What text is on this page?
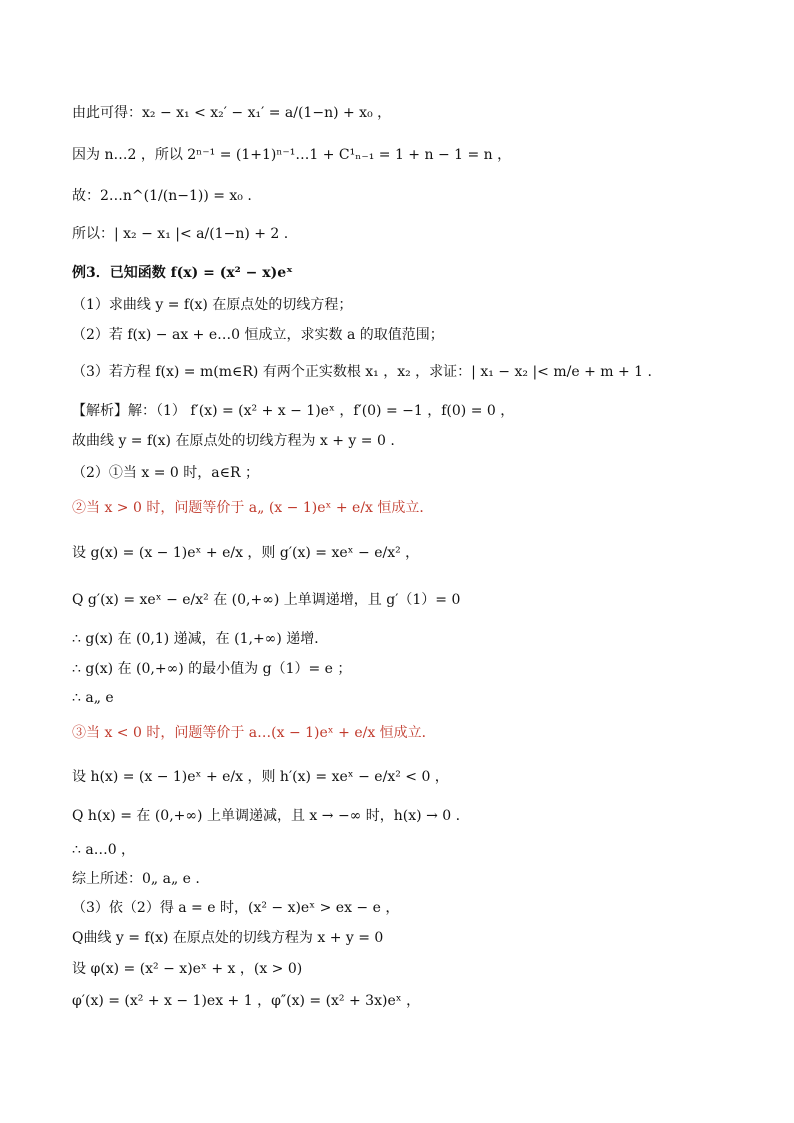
由此可得：x₂ − x₁ < x₂′ − x₁′ = a/(1−n) + x₀ ，
因为 n…2 ，所以 2ⁿ⁻¹ = (1+1)ⁿ⁻¹…1 + C¹ₙ₋₁ = 1 + n − 1 = n ，
故：2…n^(1/(n−1)) = x₀ .
所以：| x₂ − x₁ |< a/(1−n) + 2 .
例3．已知函数 f(x) = (x² − x)eˣ
（1）求曲线 y = f(x) 在原点处的切线方程；
（2）若 f(x) − ax + e…0 恒成立，求实数 a 的取值范围；
（3）若方程 f(x) = m(m∈R) 有两个正实数根 x₁ ，x₂ ，求证：| x₁ − x₂ |< m/e + m + 1 .
【解析】解：（1） f′(x) = (x² + x − 1)eˣ ，f′(0) = −1 ，f(0) = 0 ，
故曲线 y = f(x) 在原点处的切线方程为 x + y = 0 .
（2）①当 x = 0 时，a∈R ；
②当 x > 0 时，问题等价于 a„ (x − 1)eˣ + e/x 恒成立．
设 g(x) = (x − 1)eˣ + e/x ，则 g′(x) = xeˣ − e/x² ，
Q g′(x) = xeˣ − e/x² 在 (0,+∞) 上单调递增，且 g′（1）= 0
∴ g(x) 在 (0,1) 递减，在 (1,+∞) 递增．
∴ g(x) 在 (0,+∞) 的最小值为 g（1）= e ；
∴ a„ e
③当 x < 0 时，问题等价于 a…(x − 1)eˣ + e/x 恒成立．
设 h(x) = (x − 1)eˣ + e/x ，则 h′(x) = xeˣ − e/x² < 0 ，
Q h(x) = 在 (0,+∞) 上单调递减，且 x → −∞ 时，h(x) → 0 .
∴ a…0 ，
综上所述：0„ a„ e .
（3）依（2）得 a = e 时，(x² − x)eˣ > ex − e ，
Q曲线 y = f(x) 在原点处的切线方程为 x + y = 0
设 φ(x) = (x² − x)eˣ + x ，(x > 0)
φ′(x) = (x² + x − 1)ex + 1 ，φ″(x) = (x² + 3x)eˣ ，
